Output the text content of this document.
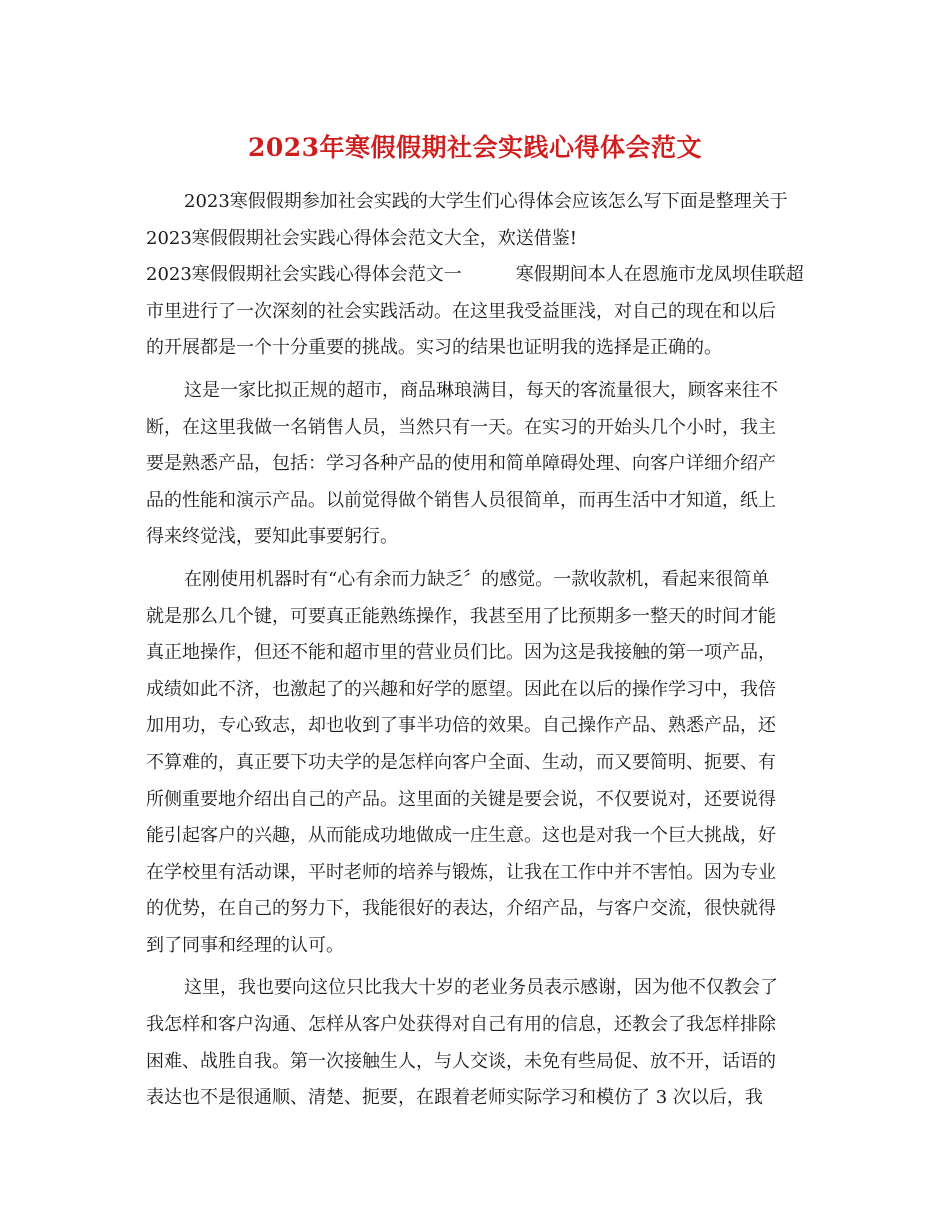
2023年寒假假期社会实践心得体会范文
2023寒假假期参加社会实践的大学生们心得体会应该怎么写下面是整理关于
2023寒假假期社会实践心得体会范文大全，欢送借鉴!
2023寒假假期社会实践心得体会范文一　　　寒假期间本人在恩施市龙凤坝佳联超
市里进行了一次深刻的社会实践活动。在这里我受益匪浅，对自己的现在和以后
的开展都是一个十分重要的挑战。实习的结果也证明我的选择是正确的。
这是一家比拟正规的超市，商品琳琅满目，每天的客流量很大，顾客来往不
断，在这里我做一名销售人员，当然只有一天。在实习的开始头几个小时，我主
要是熟悉产品，包括：学习各种产品的使用和简单障碍处理、向客户详细介绍产
品的性能和演示产品。以前觉得做个销售人员很简单，而再生活中才知道，纸上
得来终觉浅，要知此事要躬行。
在刚使用机器时有“心有余而力缺乏〞的感觉。一款收款机，看起来很简单
就是那么几个键，可要真正能熟练操作，我甚至用了比预期多一整天的时间才能
真正地操作，但还不能和超市里的营业员们比。因为这是我接触的第一项产品，
成绩如此不济，也激起了的兴趣和好学的愿望。因此在以后的操作学习中，我倍
加用功，专心致志，却也收到了事半功倍的效果。自己操作产品、熟悉产品，还
不算难的，真正要下功夫学的是怎样向客户全面、生动，而又要简明、扼要、有
所侧重要地介绍出自己的产品。这里面的关键是要会说，不仅要说对，还要说得
能引起客户的兴趣，从而能成功地做成一庄生意。这也是对我一个巨大挑战，好
在学校里有活动课，平时老师的培养与锻炼，让我在工作中并不害怕。因为专业
的优势，在自己的努力下，我能很好的表达，介绍产品，与客户交流，很快就得
到了同事和经理的认可。
这里，我也要向这位只比我大十岁的老业务员表示感谢，因为他不仅教会了
我怎样和客户沟通、怎样从客户处获得对自己有用的信息，还教会了我怎样排除
困难、战胜自我。第一次接触生人，与人交谈，未免有些局促、放不开，话语的
表达也不是很通顺、清楚、扼要，在跟着老师实际学习和模仿了 3 次以后，我
